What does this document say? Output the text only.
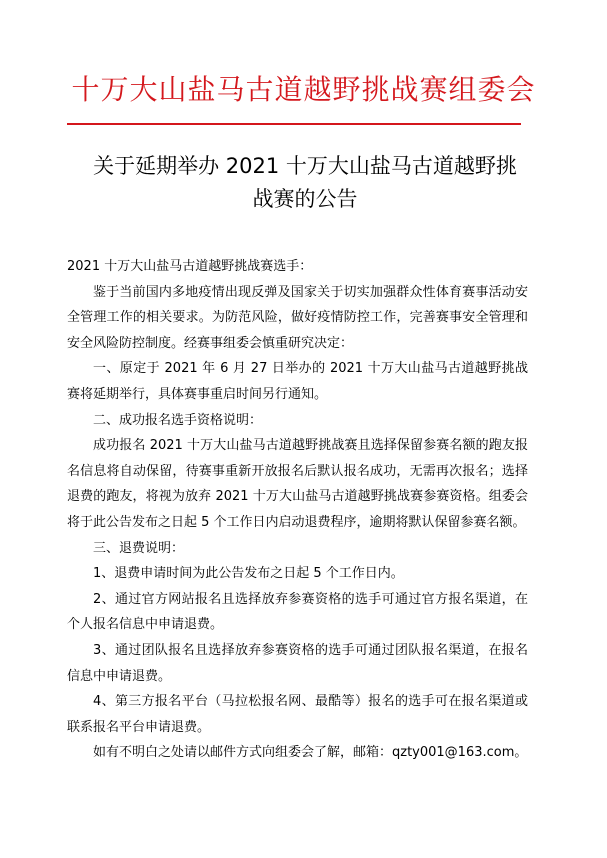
十万大山盐马古道越野挑战赛组委会
关于延期举办 2021 十万大山盐马古道越野挑
战赛的公告

2021 十万大山盐马古道越野挑战赛选手：

鉴于当前国内多地疫情出现反弹及国家关于切实加强群众性体育赛事活动安全管理工作的相关要求。为防范风险，做好疫情防控工作，完善赛事安全管理和安全风险防控制度。经赛事组委会慎重研究决定：

一、原定于 2021 年 6 月 27 日举办的 2021 十万大山盐马古道越野挑战赛将延期举行，具体赛事重启时间另行通知。

二、成功报名选手资格说明：

成功报名 2021 十万大山盐马古道越野挑战赛且选择保留参赛名额的跑友报名信息将自动保留，待赛事重新开放报名后默认报名成功，无需再次报名；选择退费的跑友，将视为放弃 2021 十万大山盐马古道越野挑战赛参赛资格。组委会将于此公告发布之日起 5 个工作日内启动退费程序，逾期将默认保留参赛名额。

三、退费说明：

1、退费申请时间为此公告发布之日起 5 个工作日内。

2、通过官方网站报名且选择放弃参赛资格的选手可通过官方报名渠道，在个人报名信息中申请退费。

3、通过团队报名且选择放弃参赛资格的选手可通过团队报名渠道，在报名信息中申请退费。

4、第三方报名平台（马拉松报名网、最酷等）报名的选手可在报名渠道或联系报名平台申请退费。

如有不明白之处请以邮件方式向组委会了解，邮箱：qzty001@163.com。
